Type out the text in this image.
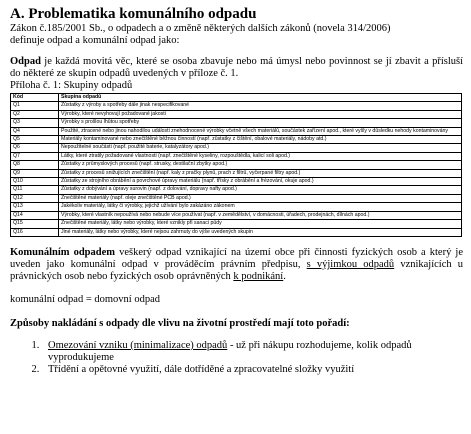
A. Problematika komunálního odpadu

Zákon č.185/2001 Sb., o odpadech a o změně některých dalších zákonů (novela 314/2006)

definuje odpad a komunální odpad jako:

Odpad je každá movitá věc, které se osoba zbavuje nebo má úmysl nebo povinnost se jí zbavit a přísluší do některé ze skupin odpadů uvedených v příloze č. 1.

Příloha č. 1: Skupiny odpadů

Kód	Skupina odpadů
Q1	Zůstatky z výroby a spotřeby dále jinak nespecifikované
Q2	Výrobky, které nevyhovují požadované jakosti
Q3	Výrobky s prošlou lhůtou spotřeby
Q4	Použité, ztracené nebo jinou nahodilou události znehodnocené výrobky včetně všech materiálů, součástek zařízení apod., které vyšly v důsledku nehody kontaminovány
Q5	Materiály kontaminované nebo znečištěné běžnou činností (např. zůstatky z čištění, obalové materiály, nádoby atd.)
Q6	Nepoužitelné součásti (např. použité baterie, katalyzátory apod.)
Q7	Látky, které ztratily požadované vlastnosti (např. znečištěné kyseliny, rozpouštědla, kalicí soli apod.)
Q8	Zůstatky z průmyslových procesů (např. strusky, destilační zbytky apod.)
Q9	Zůstatky z procesů snižujících znečištění (např. kaly z pračky plynů, prach z filtrů, vyčerpané filtry apod.)
Q10	Zůstatky ze strojního obrábění a povrchové úpravy materiálu (např. třísky z obrábění a frézování, okuje apod.)
Q11	Zůstatky z dobývání a úpravy surovin (např. z dolování, dopravy nafty apod.)
Q12	Znečištěné materiály (např. oleje znečištěné PCB apod.)
Q13	Jakékoliv materiály, látky či výrobky, jejichž užívání bylo zakázáno zákonem
Q14	Výrobky, které vlastník nepoužívá nebo nebude více používat (např. v zemědělství, v domácnosti, úřadech, prodejnách, dílnách apod.)
Q15	Znečištěné materiály, látky nebo výrobky, které vznikly při sanaci půdy
Q16	Jiné materiály, látky nebo výrobky, které nejsou zahrnuty do výše uvedených skupin

Komunálním odpadem veškerý odpad vznikající na území obce při činnosti fyzických osob a který je uveden jako komunální odpad v prováděcím právním předpisu, s výjimkou odpadů vznikajících u právnických osob nebo fyzických osob oprávněných k podnikání.

komunální odpad = domovní odpad

Způsoby nakládání s odpady dle vlivu na životní prostředí mají toto pořadí:

1. Omezování vzniku (minimalizace) odpadů - už při nákupu rozhodujeme, kolik odpadů vyprodukujeme
2. Třídění a opětovné využití, dále dotříděné a zpracovatelné složky využití
